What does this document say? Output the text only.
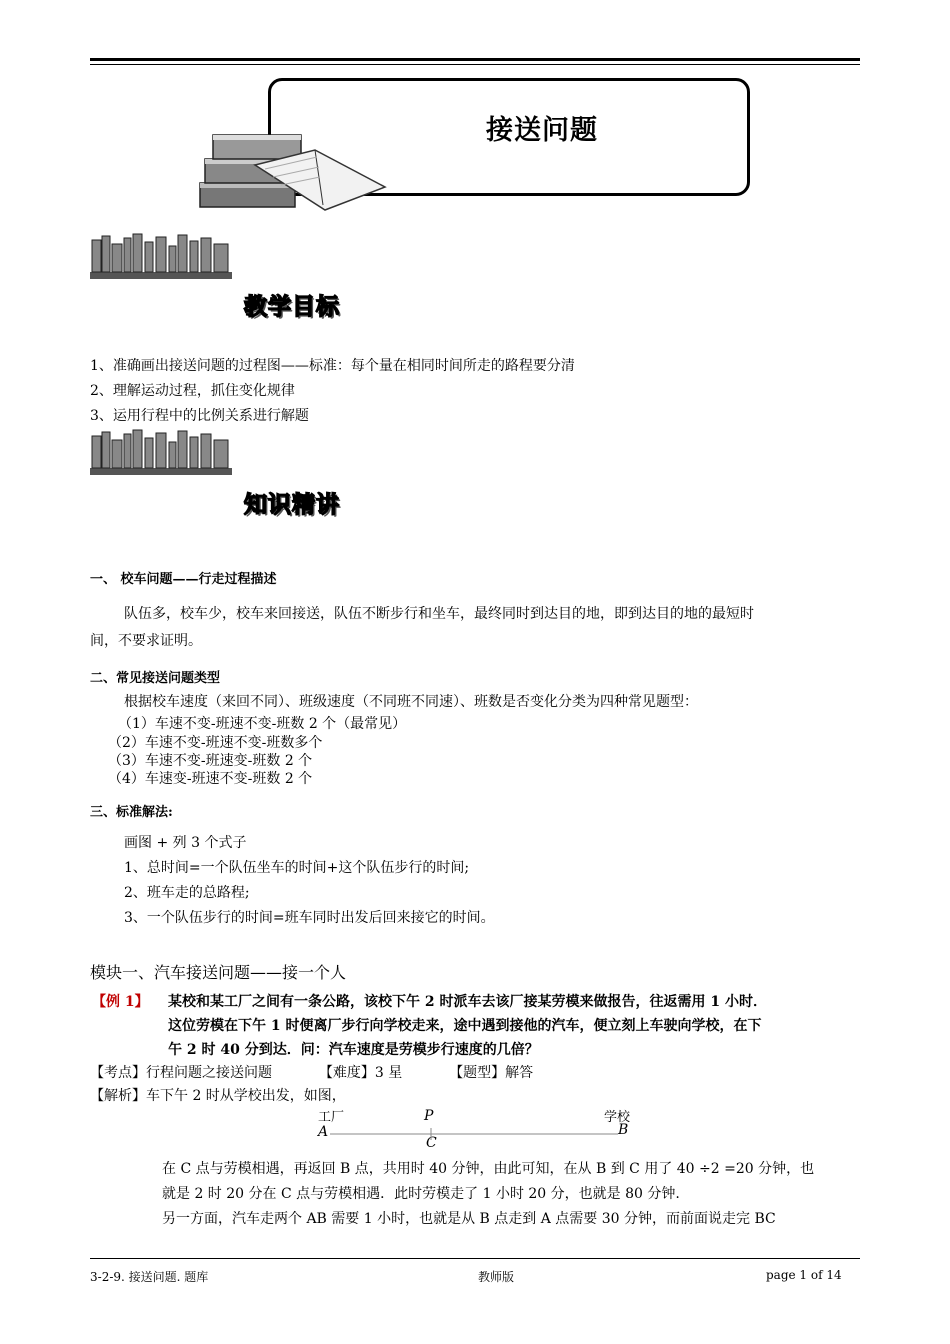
接送问题
教学目标
1、准确画出接送问题的过程图——标准：每个量在相同时间所走的路程要分清
2、理解运动过程，抓住变化规律
3、运用行程中的比例关系进行解题
知识精讲
一、 校车问题——行走过程描述
队伍多，校车少，校车来回接送，队伍不断步行和坐车，最终同时到达目的地，即到达目的地的最短时
间，不要求证明。
二、常见接送问题类型
根据校车速度（来回不同）、班级速度（不同班不同速）、班数是否变化分类为四种常见题型：
（1）车速不变-班速不变-班数 2 个（最常见）
（2）车速不变-班速不变-班数多个
（3）车速不变-班速变-班数 2 个
（4）车速变-班速不变-班数 2 个
三、标准解法:
画图 + 列 3 个式子
1、总时间=一个队伍坐车的时间+这个队伍步行的时间;
2、班车走的总路程;
3、一个队伍步行的时间=班车同时出发后回来接它的时间。
模块一、汽车接送问题——接一个人
【例 1】 某校和某工厂之间有一条公路，该校下午 2 时派车去该厂接某劳模来做报告，往返需用 1 小时．
这位劳模在下午 1 时便离厂步行向学校走来，途中遇到接他的汽车，便立刻上车驶向学校，在下
午 2 时 40 分到达．问：汽车速度是劳模步行速度的几倍？
【考点】行程问题之接送问题	【难度】3 星	【题型】解答
【解析】车下午 2 时从学校出发，如图，
工厂
A
P
C
学校
B
在 C 点与劳模相遇，再返回 B 点，共用时 40 分钟，由此可知，在从 B 到 C 用了 40 ÷2 =20 分钟，也
就是 2 时 20 分在 C 点与劳模相遇．此时劳模走了 1 小时 20 分，也就是 80 分钟.
另一方面，汽车走两个 AB 需要 1 小时，也就是从 B 点走到 A 点需要 30 分钟，而前面说走完 BC
3-2-9. 接送问题. 题库	教师版	page 1 of 14
